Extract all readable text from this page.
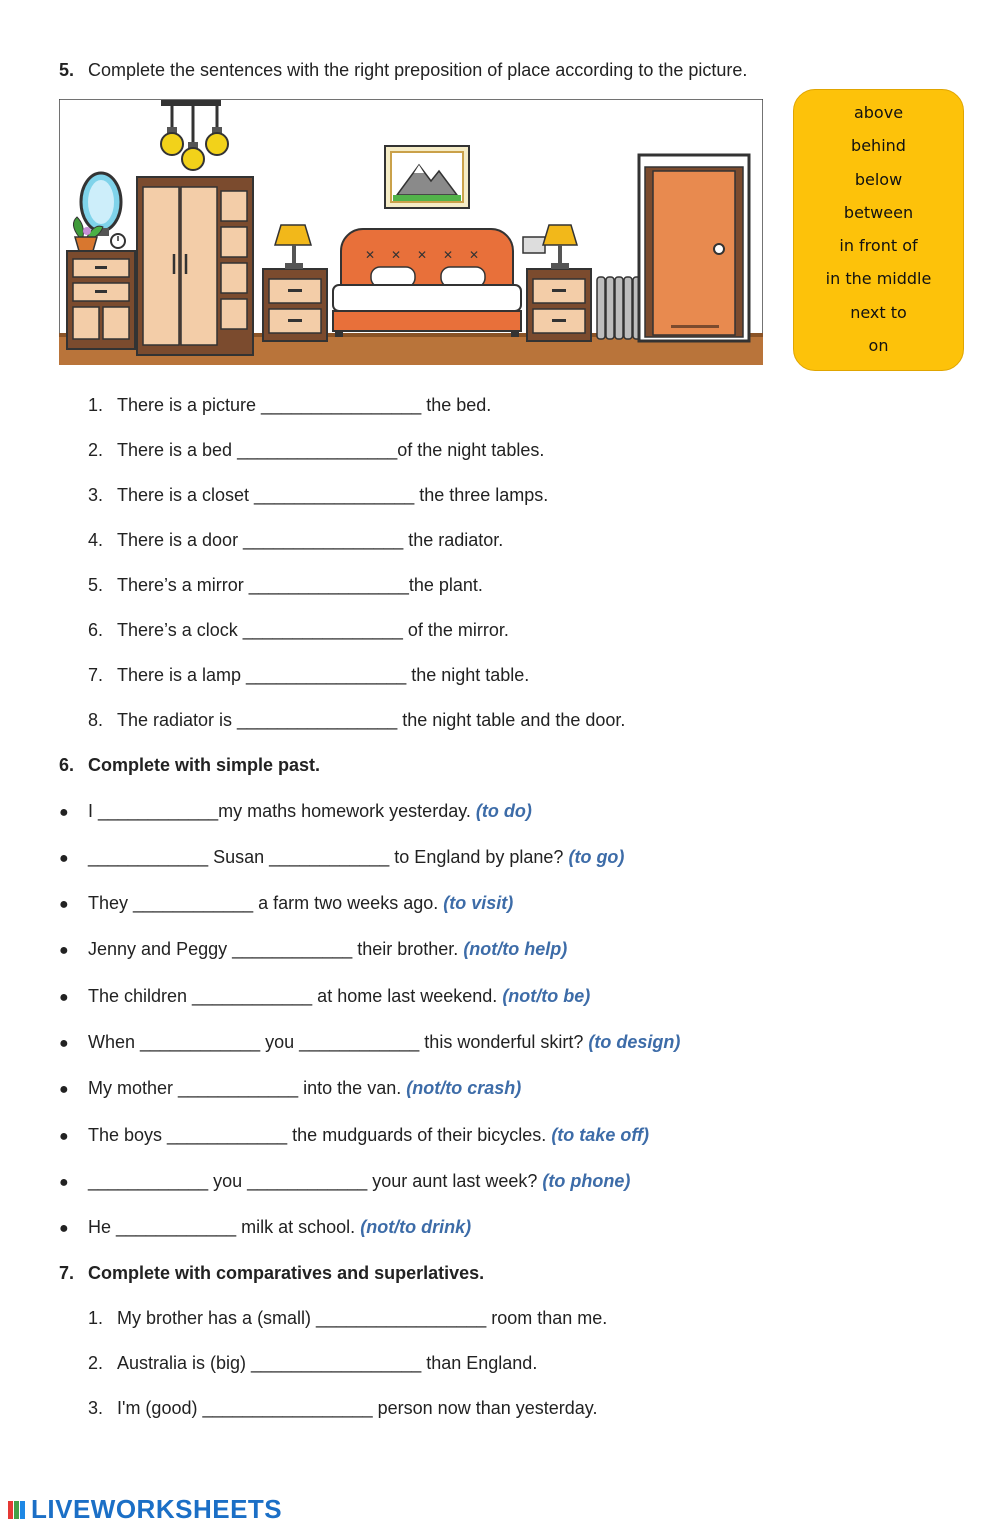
5. Complete the sentences with the right preposition of place according to the picture.
✕ ✕ ✕ ✕ ✕
above
behind
below
between
in front of
in the middle
next to
on
1. There is a picture ________________ the bed.
2. There is a bed ________________of the night tables.
3. There is a closet ________________ the three lamps.
4. There is a door ________________ the radiator.
5. There’s a mirror ________________the plant.
6. There’s a clock ________________ of the mirror.
7. There is a lamp ________________ the night table.
8. The radiator is ________________ the night table and the door.
6. Complete with simple past.
● I ____________my maths homework yesterday. (to do)
● ____________ Susan ____________ to England by plane? (to go)
● They ____________ a farm two weeks ago. (to visit)
● Jenny and Peggy ____________ their brother. (not/to help)
● The children ____________ at home last weekend. (not/to be)
● When ____________ you ____________ this wonderful skirt? (to design)
● My mother ____________ into the van. (not/to crash)
● The boys ____________ the mudguards of their bicycles. (to take off)
● ____________ you ____________ your aunt last week? (to phone)
● He ____________ milk at school. (not/to drink)
7. Complete with comparatives and superlatives.
1. My brother has a (small) _________________ room than me.
2. Australia is (big) _________________ than England.
3. I'm (good) _________________ person now than yesterday.
LIVEWORKSHEETS
